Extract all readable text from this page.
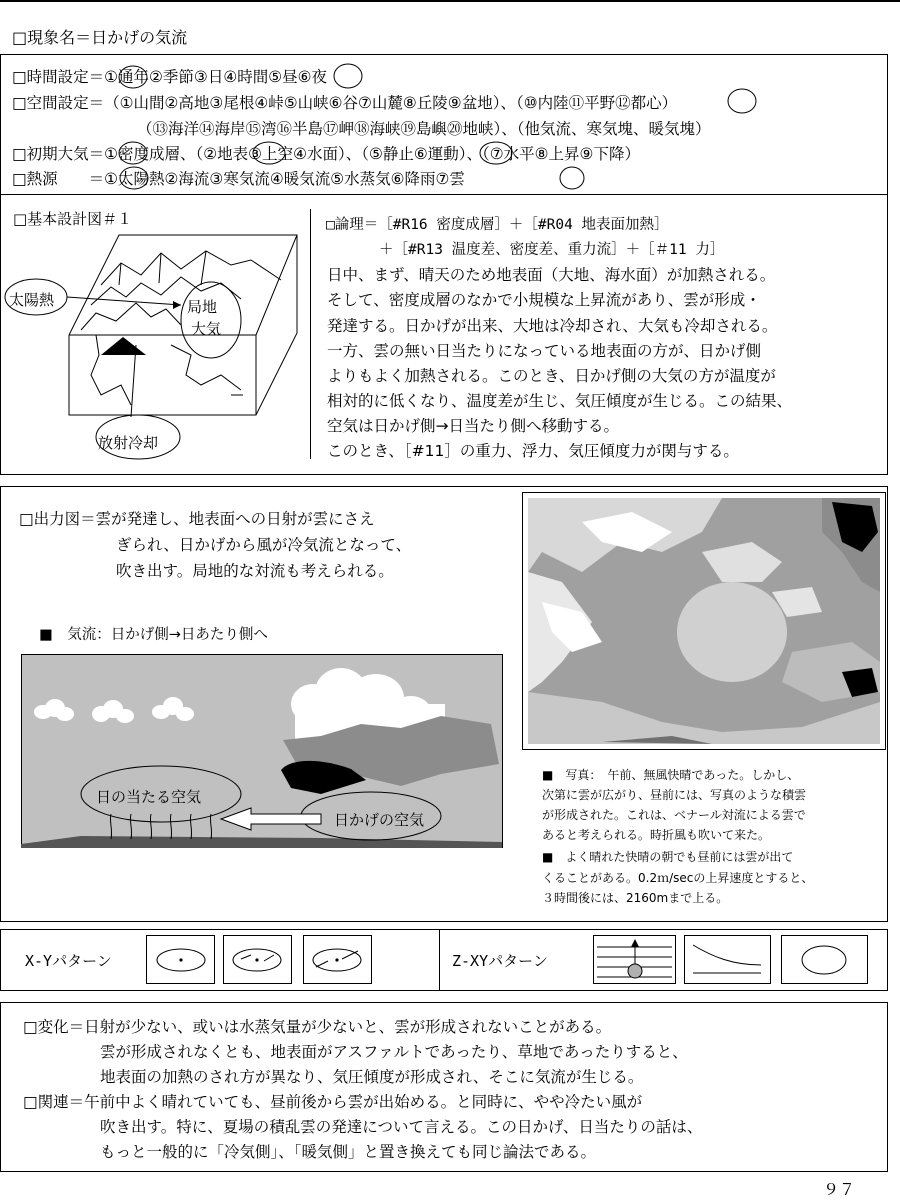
□現象名＝日かげの気流
□時間設定＝①通年②季節③日④時間⑤昼⑥夜
□空間設定＝（①山間②高地③尾根④峠⑤山峡⑥谷⑦山麓⑧丘陵⑨盆地）、（⑩内陸⑪平野⑫都心）
（⑬海洋⑭海岸⑮湾⑯半島⑰岬⑱海峡⑲島嶼⑳地峡）、（他気流、寒気塊、暖気塊）
□初期大気＝①密度成層、（②地表③上空④水面）、（⑤静止⑥運動）、（⑦水平⑧上昇⑨下降）
□熱源　　＝①太陽熱②海流③寒気流④暖気流⑤水蒸気⑥降雨⑦雲
□基本設計図＃１
太陽熱	局地
大気
放射冷却
□論理＝［#R16 密度成層］＋［#R04 地表面加熱］
＋［#R13 温度差、密度差、重力流］＋［＃11 力］
日中、まず、晴天のため地表面（大地、海水面）が加熱される。
そして、密度成層のなかで小規模な上昇流があり、雲が形成・
発達する。日かげが出来、大地は冷却され、大気も冷却される。
一方、雲の無い日当たりになっている地表面の方が、日かげ側
よりもよく加熱される。このとき、日かげ側の大気の方が温度が
相対的に低くなり、温度差が生じ、気圧傾度が生じる。この結果、
空気は日かげ側→日当たり側へ移動する。
このとき、［#11］の重力、浮力、気圧傾度力が関与する。
□出力図＝雲が発達し、地表面への日射が雲にさえ
ぎられ、日かげから風が冷気流となって、
吹き出す。局地的な対流も考えられる。
■　気流：日かげ側→日あたり側へ
日の当たる空気
日かげの空気
■　写真：　午前、無風快晴であった。しかし、
次第に雲が広がり、昼前には、写真のような積雲
が形成された。これは、ベナール対流による雲で
あると考えられる。時折風も吹いて来た。
■　よく晴れた快晴の朝でも昼前には雲が出て
くることがある。0.2ｍ/secの上昇速度とすると、
３時間後には、2160mまで上る。
X-Yパターン	Z-XYパターン
□変化＝日射が少ない、或いは水蒸気量が少ないと、雲が形成されないことがある。
雲が形成されなくとも、地表面がアスファルトであったり、草地であったりすると、
地表面の加熱のされ方が異なり、気圧傾度が形成され、そこに気流が生じる。
□関連＝午前中よく晴れていても、昼前後から雲が出始める。と同時に、やや冷たい風が
吹き出す。特に、夏場の積乱雲の発達について言える。この日かげ、日当たりの話は、
もっと一般的に「冷気側」、「暖気側」と置き換えても同じ論法である。
９７
